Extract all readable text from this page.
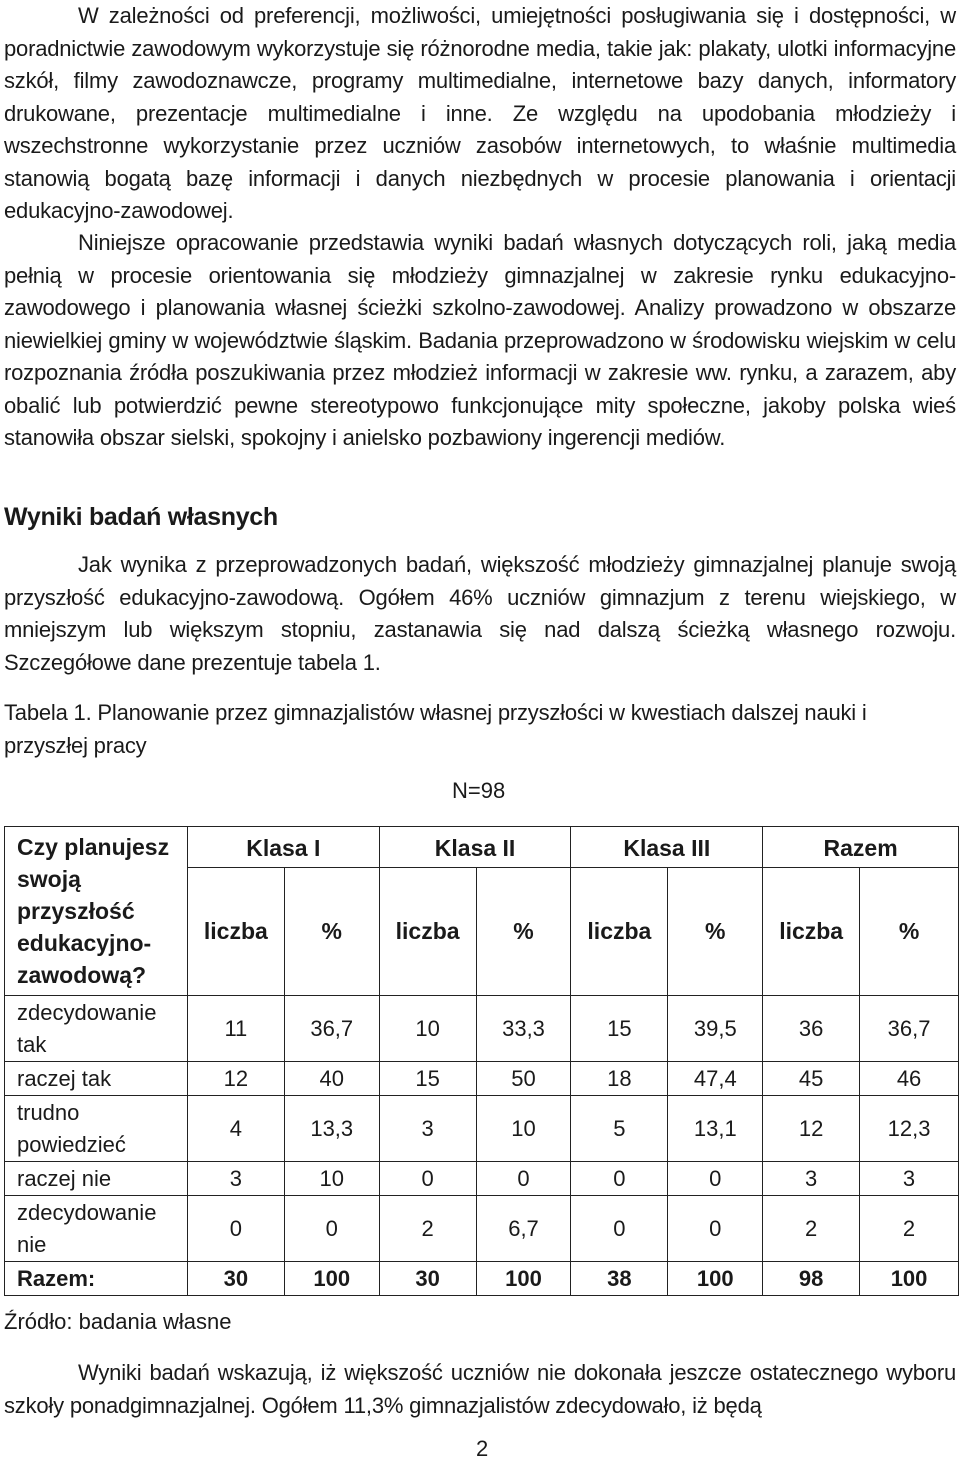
W zależności od preferencji, możliwości, umiejętności posługiwania się i dostępności, w poradnictwie zawodowym wykorzystuje się różnorodne media, takie jak: plakaty, ulotki informacyjne szkół, filmy zawodoznawcze, programy multimedialne, internetowe bazy danych, informatory drukowane, prezentacje multimedialne i inne. Ze względu na upodobania młodzieży i wszechstronne wykorzystanie przez uczniów zasobów internetowych, to właśnie multimedia stanowią bogatą bazę informacji i danych niezbędnych w procesie planowania i orientacji edukacyjno-zawodowej.

Niniejsze opracowanie przedstawia wyniki badań własnych dotyczących roli, jaką media pełnią w procesie orientowania się młodzieży gimnazjalnej w zakresie rynku edukacyjno-zawodowego i planowania własnej ścieżki szkolno-zawodowej. Analizy prowadzono w obszarze niewielkiej gminy w województwie śląskim. Badania przeprowadzono w środowisku wiejskim w celu rozpoznania źródła poszukiwania przez młodzież informacji w zakresie ww. rynku, a zarazem, aby obalić lub potwierdzić pewne stereotypowo funkcjonujące mity społeczne, jakoby polska wieś stanowiła obszar sielski, spokojny i anielsko pozbawiony ingerencji mediów.

Wyniki badań własnych

Jak wynika z przeprowadzonych badań, większość młodzieży gimnazjalnej planuje swoją przyszłość edukacyjno-zawodową. Ogółem 46% uczniów gimnazjum z terenu wiejskiego, w mniejszym lub większym stopniu, zastanawia się nad dalszą ścieżką własnego rozwoju. Szczegółowe dane prezentuje tabela 1.

Tabela 1. Planowanie przez gimnazjalistów własnej przyszłości w kwestiach dalszej nauki i przyszłej pracy

N=98
Czy planujesz swoją przyszłość edukacyjno-zawodową?	Klasa I		Klasa II		Klasa III		Razem	
	liczba	%	liczba	%	liczba	%	liczba	%
zdecydowanie tak	11	36,7	10	33,3	15	39,5	36	36,7
raczej tak	12	40	15	50	18	47,4	45	46
trudno powiedzieć	4	13,3	3	10	5	13,1	12	12,3
raczej nie	3	10	0	0	0	0	3	3
zdecydowanie nie	0	0	2	6,7	0	0	2	2
Razem:	30	100	30	100	38	100	98	100
Źródło: badania własne

Wyniki badań wskazują, iż większość uczniów nie dokonała jeszcze ostatecznego wyboru szkoły ponadgimnazjalnej. Ogółem 11,3% gimnazjalistów zdecydowało, iż będą

2
